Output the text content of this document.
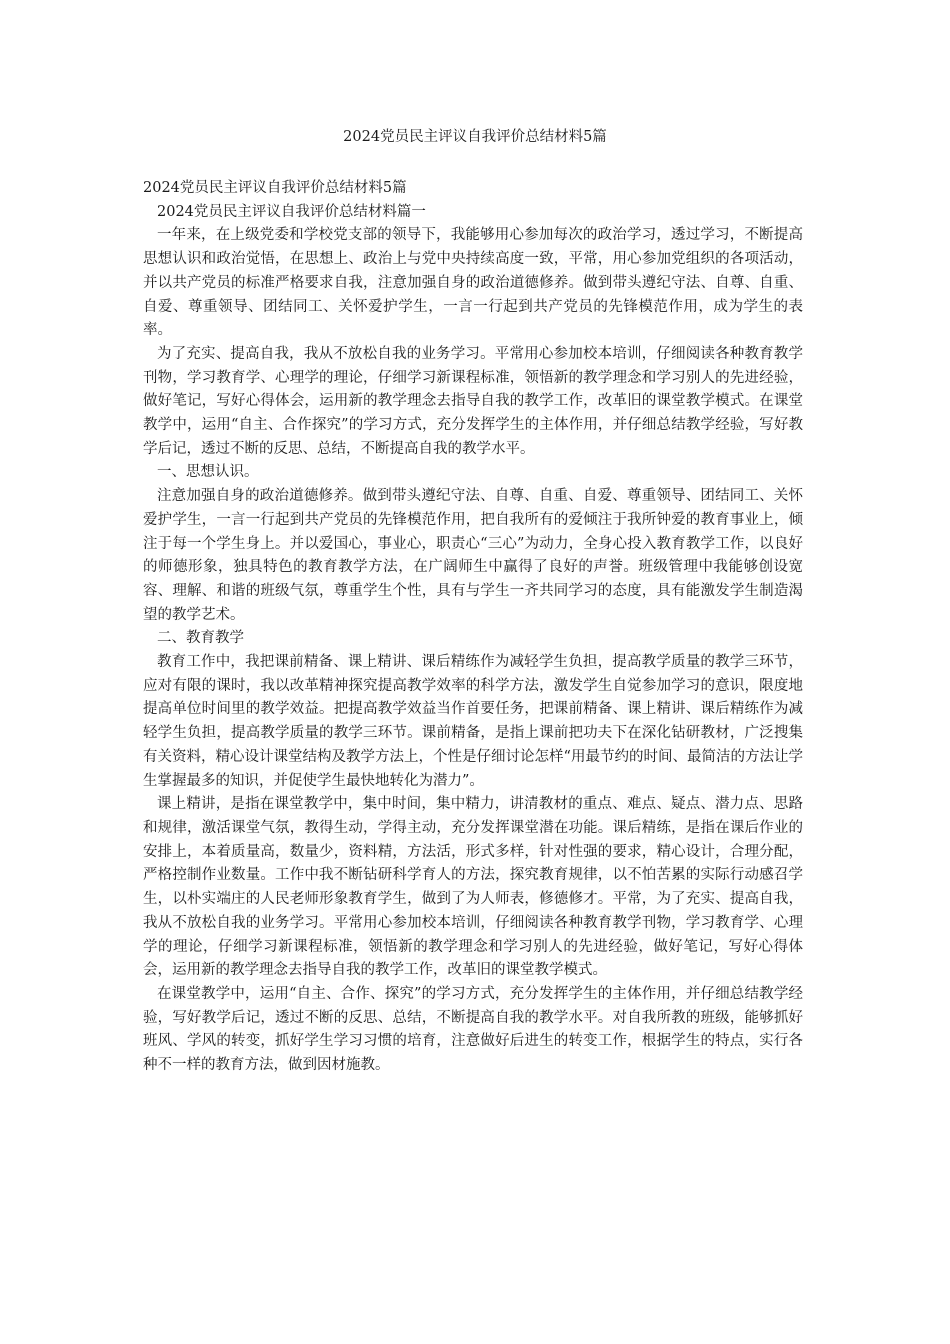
2024党员民主评议自我评价总结材料5篇

2024党员民主评议自我评价总结材料5篇

2024党员民主评议自我评价总结材料篇一

一年来，在上级党委和学校党支部的领导下，我能够用心参加每次的政治学习，透过学习，不断提高思想认识和政治觉悟，在思想上、政治上与党中央持续高度一致，平常，用心参加党组织的各项活动，并以共产党员的标准严格要求自我，注意加强自身的政治道德修养。做到带头遵纪守法、自尊、自重、自爱、尊重领导、团结同工、关怀爱护学生，一言一行起到共产党员的先锋模范作用，成为学生的表率。

为了充实、提高自我，我从不放松自我的业务学习。平常用心参加校本培训，仔细阅读各种教育教学刊物，学习教育学、心理学的理论，仔细学习新课程标准，领悟新的教学理念和学习别人的先进经验，做好笔记，写好心得体会，运用新的教学理念去指导自我的教学工作，改革旧的课堂教学模式。在课堂教学中，运用“自主、合作探究”的学习方式，充分发挥学生的主体作用，并仔细总结教学经验，写好教学后记，透过不断的反思、总结，不断提高自我的教学水平。

一、思想认识。

注意加强自身的政治道德修养。做到带头遵纪守法、自尊、自重、自爱、尊重领导、团结同工、关怀爱护学生，一言一行起到共产党员的先锋模范作用，把自我所有的爱倾注于我所钟爱的教育事业上，倾注于每一个学生身上。并以爱国心，事业心，职责心“三心”为动力，全身心投入教育教学工作，以良好的师德形象，独具特色的教育教学方法，在广阔师生中赢得了良好的声誉。班级管理中我能够创设宽容、理解、和谐的班级气氛，尊重学生个性，具有与学生一齐共同学习的态度，具有能激发学生制造渴望的教学艺术。

二、教育教学

教育工作中，我把课前精备、课上精讲、课后精练作为减轻学生负担，提高教学质量的教学三环节，应对有限的课时，我以改革精神探究提高教学效率的科学方法，激发学生自觉参加学习的意识，限度地提高单位时间里的教学效益。把提高教学效益当作首要任务，把课前精备、课上精讲、课后精练作为减轻学生负担，提高教学质量的教学三环节。课前精备，是指上课前把功夫下在深化钻研教材，广泛搜集有关资料，精心设计课堂结构及教学方法上，个性是仔细讨论怎样“用最节约的时间、最简洁的方法让学生掌握最多的知识，并促使学生最快地转化为潜力”。

课上精讲，是指在课堂教学中，集中时间，集中精力，讲清教材的重点、难点、疑点、潜力点、思路和规律，激活课堂气氛，教得生动，学得主动，充分发挥课堂潜在功能。课后精练，是指在课后作业的安排上，本着质量高，数量少，资料精，方法活，形式多样，针对性强的要求，精心设计，合理分配，严格控制作业数量。工作中我不断钻研科学育人的方法，探究教育规律，以不怕苦累的实际行动感召学生，以朴实端庄的人民老师形象教育学生，做到了为人师表，修德修才。平常，为了充实、提高自我，我从不放松自我的业务学习。平常用心参加校本培训，仔细阅读各种教育教学刊物，学习教育学、心理学的理论，仔细学习新课程标准，领悟新的教学理念和学习别人的先进经验，做好笔记，写好心得体会，运用新的教学理念去指导自我的教学工作，改革旧的课堂教学模式。

在课堂教学中，运用“自主、合作、探究”的学习方式，充分发挥学生的主体作用，并仔细总结教学经验，写好教学后记，透过不断的反思、总结，不断提高自我的教学水平。对自我所教的班级，能够抓好班风、学风的转变，抓好学生学习习惯的培育，注意做好后进生的转变工作，根据学生的特点，实行各种不一样的教育方法，做到因材施教。
